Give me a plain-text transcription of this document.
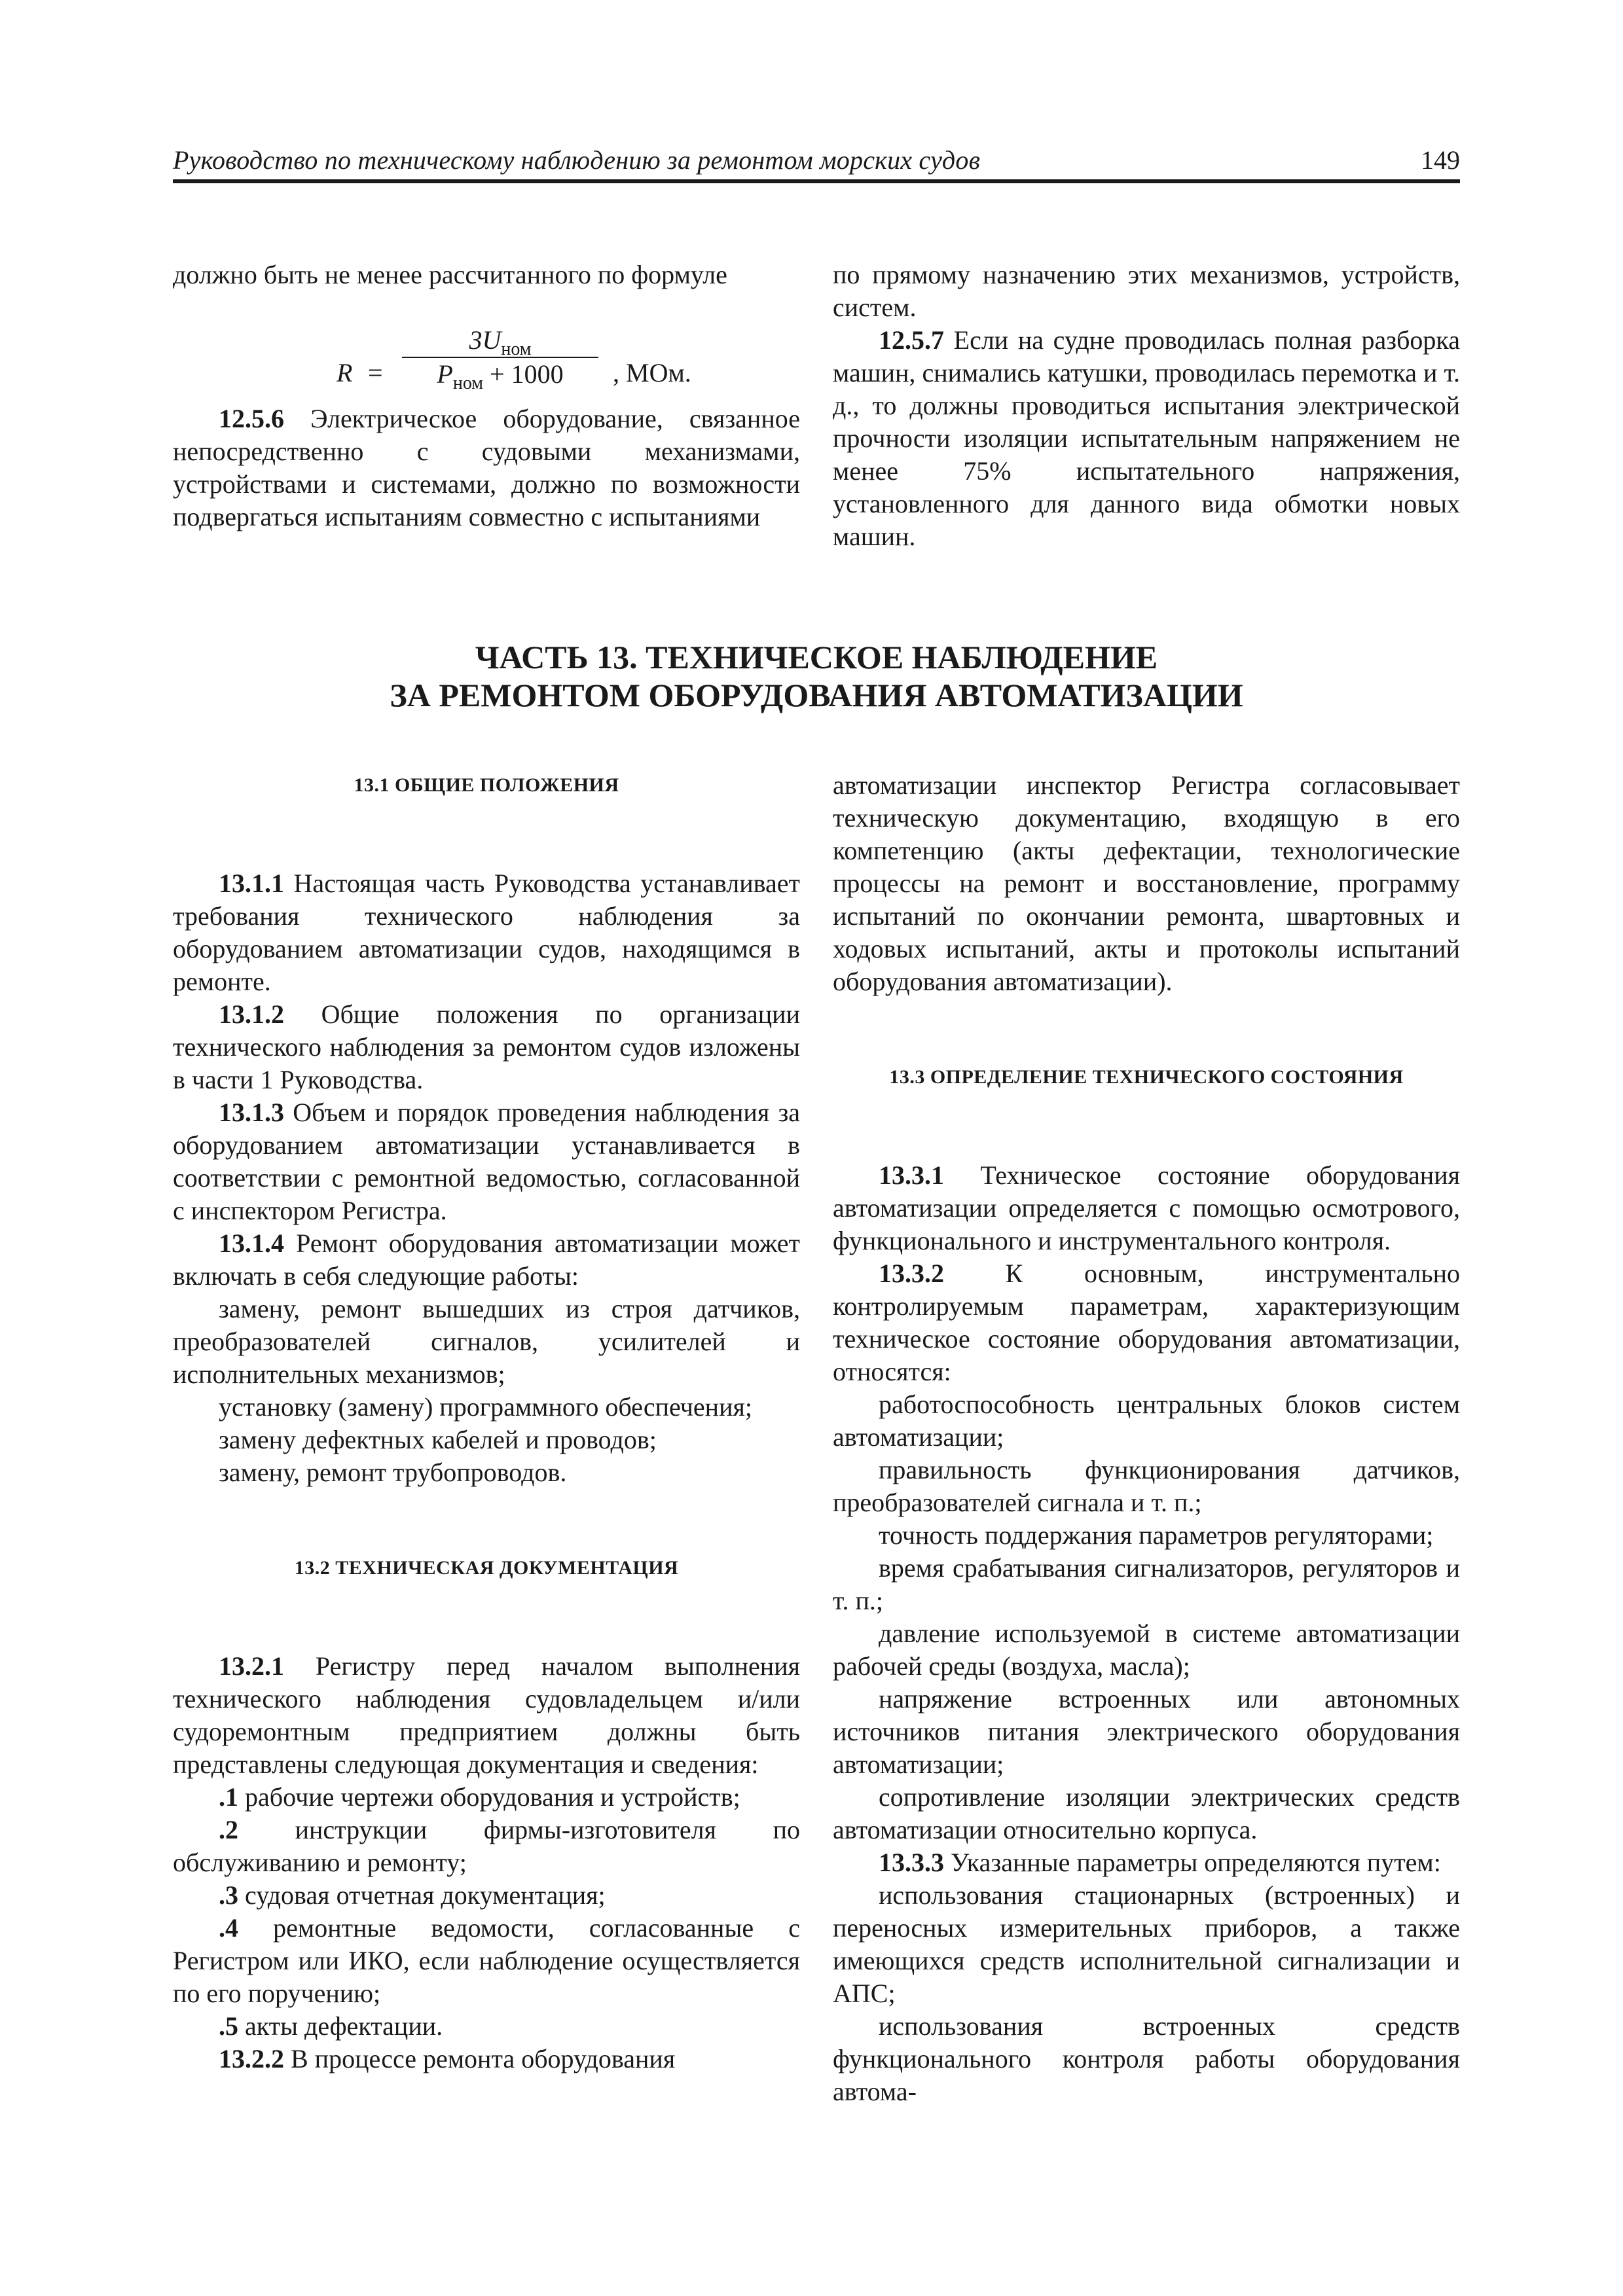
Руководство по техническому наблюдению за ремонтом морских судов	149

должно быть не менее рассчитанного по формуле

R =
$3U_{ном}$
$P_{ном} + 1000$	, МОм.

12.5.6 Электрическое оборудование, связанное непосредственно с судовыми механизмами, устройствами и системами, должно по возможности подвергаться испытаниям совместно с испытаниями

по прямому назначению этих механизмов, устройств, систем.

12.5.7 Если на судне проводилась полная разборка машин, снимались катушки, проводилась перемотка и т. д., то должны проводиться испытания электрической прочности изоляции испытательным напряжением не менее 75% испытательного напряжения, установленного для данного вида обмотки новых машин.

ЧАСТЬ 13. ТЕХНИЧЕСКОЕ НАБЛЮДЕНИЕ
ЗА РЕМОНТОМ ОБОРУДОВАНИЯ АВТОМАТИЗАЦИИ

13.1 ОБЩИЕ ПОЛОЖЕНИЯ

13.1.1 Настоящая часть Руководства устанавливает требования технического наблюдения за оборудованием автоматизации судов, находящимся в ремонте.

13.1.2 Общие положения по организации технического наблюдения за ремонтом судов изложены в части 1 Руководства.

13.1.3 Объем и порядок проведения наблюдения за оборудованием автоматизации устанавливается в соответствии с ремонтной ведомостью, согласованной с инспектором Регистра.

13.1.4 Ремонт оборудования автоматизации может включать в себя следующие работы:

замену, ремонт вышедших из строя датчиков, преобразователей сигналов, усилителей и исполнительных механизмов;

установку (замену) программного обеспечения;

замену дефектных кабелей и проводов;

замену, ремонт трубопроводов.

13.2 ТЕХНИЧЕСКАЯ ДОКУМЕНТАЦИЯ

13.2.1 Регистру перед началом выполнения технического наблюдения судовладельцем и/или судоремонтным предприятием должны быть представлены следующая документация и сведения:

.1 рабочие чертежи оборудования и устройств;

.2 инструкции фирмы-изготовителя по обслуживанию и ремонту;

.3 судовая отчетная документация;

.4 ремонтные ведомости, согласованные с Регистром или ИКО, если наблюдение осуществляется по его поручению;

.5 акты дефектации.

13.2.2 В процессе ремонта оборудования

автоматизации инспектор Регистра согласовывает техническую документацию, входящую в его компетенцию (акты дефектации, технологические процессы на ремонт и восстановление, программу испытаний по окончании ремонта, швартовных и ходовых испытаний, акты и протоколы испытаний оборудования автоматизации).

13.3 ОПРЕДЕЛЕНИЕ ТЕХНИЧЕСКОГО СОСТОЯНИЯ

13.3.1 Техническое состояние оборудования автоматизации определяется с помощью осмотрового, функционального и инструментального контроля.

13.3.2 К основным, инструментально контролируемым параметрам, характеризующим техническое состояние оборудования автоматизации, относятся:

работоспособность центральных блоков систем автоматизации;

правильность функционирования датчиков, преобразователей сигнала и т. п.;

точность поддержания параметров регуляторами;

время срабатывания сигнализаторов, регуляторов и т. п.;

давление используемой в системе автоматизации рабочей среды (воздуха, масла);

напряжение встроенных или автономных источников питания электрического оборудования автоматизации;

сопротивление изоляции электрических средств автоматизации относительно корпуса.

13.3.3 Указанные параметры определяются путем:

использования стационарных (встроенных) и переносных измерительных приборов, а также имеющихся средств исполнительной сигнализации и АПС;

использования встроенных средств функционального контроля работы оборудования автома-
